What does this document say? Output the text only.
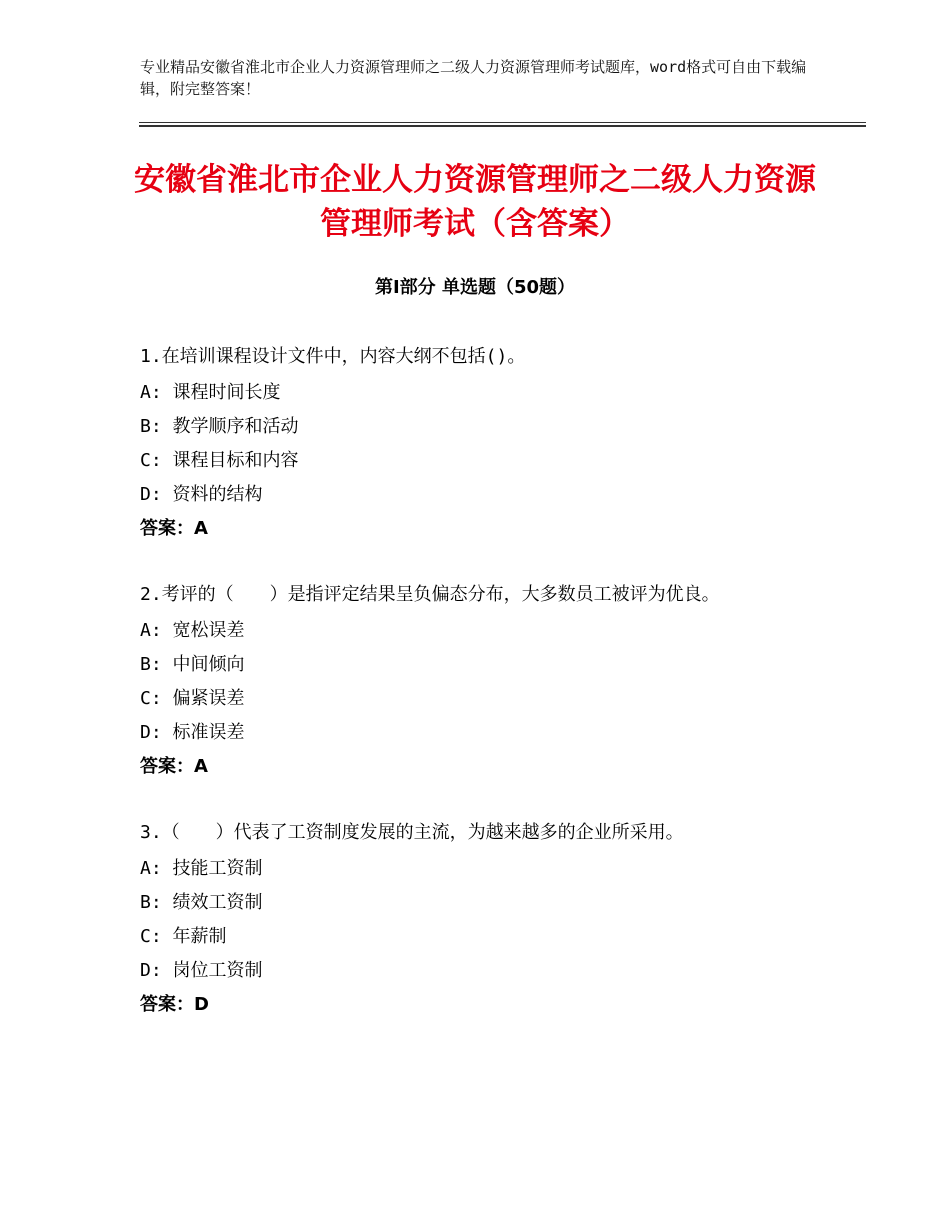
专业精品安徽省淮北市企业人力资源管理师之二级人力资源管理师考试题库，word格式可自由下载编辑，附完整答案！
安徽省淮北市企业人力资源管理师之二级人力资源管理师考试（含答案）
第Ⅰ部分 单选题（50题）
1.在培训课程设计文件中，内容大纲不包括()。
A: 课程时间长度
B: 教学顺序和活动
C: 课程目标和内容
D: 资料的结构
答案：A
2.考评的（　　）是指评定结果呈负偏态分布，大多数员工被评为优良。
A: 宽松误差
B: 中间倾向
C: 偏紧误差
D: 标准误差
答案：A
3.（　　）代表了工资制度发展的主流，为越来越多的企业所采用。
A: 技能工资制
B: 绩效工资制
C: 年薪制
D: 岗位工资制
答案：D
